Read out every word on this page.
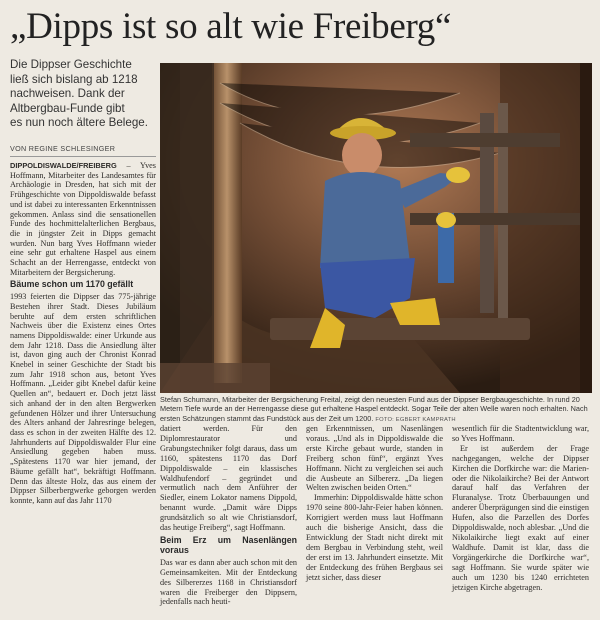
„Dipps ist so alt wie Freiberg“
Die Dippser Geschichte
ließ sich bislang ab 1218
nachweisen. Dank der
Altbergbau-Funde gibt
es nun noch ältere Belege.
VON REGINE SCHLESINGER

DIPPOLDISWALDE/FREIBERG – Yves Hoffmann, Mitarbeiter des Landesamtes für Archäologie in Dresden, hat sich mit der Frühgeschichte von Dippoldiswalde befasst und ist dabei zu interessanten Erkenntnissen gekommen. Anlass sind die sensationellen Funde des hochmittelalterlichen Bergbaus, die in jüngster Zeit in Dipps gemacht wurden. Nun barg Yves Hoffmann wieder eine sehr gut erhaltene Haspel aus einem Schacht an der Herrengasse, entdeckt von Mitarbeitern der Bergsicherung.

Bäume schon um 1170 gefällt

1993 feierten die Dippser das 775-jährige Bestehen ihrer Stadt. Dieses Jubiläum beruhte auf dem ersten schriftlichen Nachweis über die Existenz eines Ortes namens Dippoldiswalde: einer Urkunde aus dem Jahr 1218. Dass die Ansiedlung älter ist, davon ging auch der Chronist Konrad Knebel in seiner Geschichte der Stadt bis zum Jahr 1918 schon aus, betont Yves Hoffmann. „Leider gibt Knebel dafür keine Quellen an“, bedauert er. Doch jetzt lässt sich anhand der in den alten Bergwerken gefundenen Hölzer und ihrer Untersuchung des Alters anhand der Jahresringe belegen, dass es schon in der zweiten Hälfte des 12. Jahrhunderts auf Dippoldiswalder Flur eine Ansiedlung gegeben haben muss. „Spätestens 1170 war hier jemand, der Bäume gefällt hat“, bekräftigt Hoffmann. Denn das älteste Holz, das aus einem der Dippser Silberbergwerke geborgen werden konnte, kann auf das Jahr 1170

Stefan Schumann, Mitarbeiter der Bergsicherung Freital, zeigt den neuesten Fund aus der Dippser Bergbaugeschichte. In rund 20 Metern Tiefe wurde an der Herrengasse diese gut erhaltene Haspel entdeckt. Sogar Teile der alten Welle waren noch erhalten. Nach ersten Schätzungen stammt das Fundstück aus der Zeit um 1200. FOTO: EGBERT KAMPRATH

datiert werden. Für den Diplomrestaurator und Grabungstechniker folgt daraus, dass um 1160, spätestens 1170 das Dorf Dippoldiswalde – ein klassisches Waldhufendorf – gegründet und vermutlich nach dem Anführer der Siedler, einem Lokator namens Dippold, benannt wurde. „Damit wäre Dipps grundsätzlich so alt wie Christiansdorf, das heutige Freiberg“, sagt Hoffmann.

Beim Erz um Nasenlängen voraus

Das war es dann aber auch schon mit den Gemeinsamkeiten. Mit der Entdeckung des Silbererzes 1168 in Christiansdorf waren die Freiberger den Dippsern, jedenfalls nach heuti-

gen Erkenntnissen, um Nasenlängen voraus. „Und als in Dippoldiswalde die erste Kirche gebaut wurde, standen in Freiberg schon fünf“, ergänzt Yves Hoffmann. Nicht zu vergleichen sei auch die Ausbeute an Silbererz. „Da liegen Welten zwischen beiden Orten.“

Immerhin: Dippoldiswalde hätte schon 1970 seine 800-Jahr-Feier haben können. Korrigiert werden muss laut Hoffmann auch die bisherige Ansicht, dass die Entwicklung der Stadt nicht direkt mit dem Bergbau in Verbindung steht, weil der erst im 13. Jahrhundert einsetzte. Mit der Entdeckung des frühen Bergbaus sei jetzt sicher, dass dieser

wesentlich für die Stadtentwicklung war, so Yves Hoffmann.

Er ist außerdem der Frage nachgegangen, welche der Dippser Kirchen die Dorfkirche war: die Marien- oder die Nikolaikirche? Bei der Antwort darauf half das Verfahren der Fluranalyse. Trotz Überbauungen und anderer Überprägungen sind die einstigen Hufen, also die Parzellen des Dorfes Dippoldiswalde, noch ablesbar. „Und die Nikolaikirche liegt exakt auf einer Waldhufe. Damit ist klar, dass die Vorgängerkirche die Dorfkirche war“, sagt Hoffmann. Sie wurde später wie auch um 1230 bis 1240 errichteten jetzigen Kirche abgetragen.
